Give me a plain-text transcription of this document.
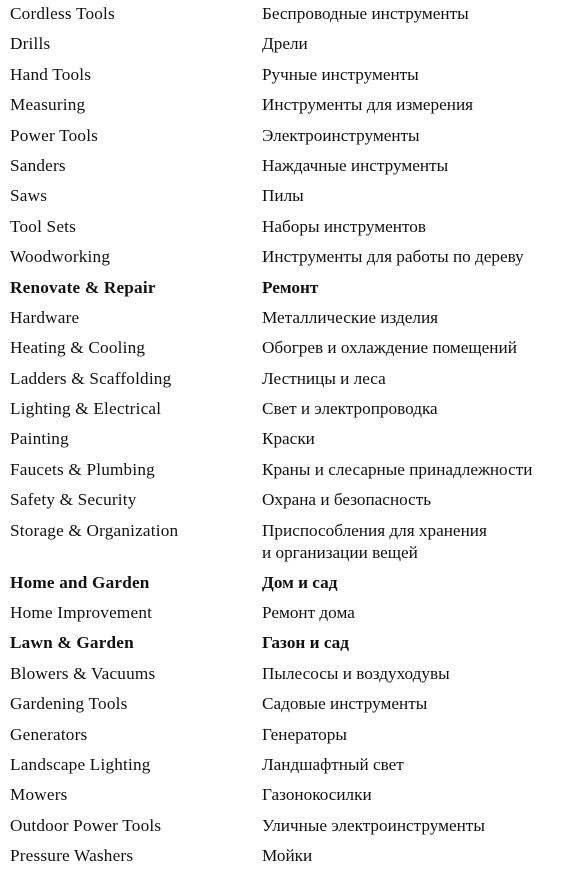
Cordless Tools	Беспроводные инструменты
Drills	Дрели
Hand Tools	Ручные инструменты
Measuring	Инструменты для измерения
Power Tools	Электроинструменты
Sanders	Наждачные инструменты
Saws	Пилы
Tool Sets	Наборы инструментов
Woodworking	Инструменты для работы по дереву
Renovate & Repair	Ремонт
Hardware	Металлические изделия
Heating & Cooling	Обогрев и охлаждение помещений
Ladders & Scaffolding	Лестницы и леса
Lighting & Electrical	Свет и электропроводка
Painting	Краски
Faucets & Plumbing	Краны и слесарные принадлежности
Safety & Security	Охрана и безопасность
Storage & Organization	Приспособления для хранения
и организации вещей
Home and Garden	Дом и сад
Home Improvement	Ремонт дома
Lawn & Garden	Газон и сад
Blowers & Vacuums	Пылесосы и воздуходувы
Gardening Tools	Садовые инструменты
Generators	Генераторы
Landscape Lighting	Ландшафтный свет
Mowers	Газонокосилки
Outdoor Power Tools	Уличные электроинструменты
Pressure Washers	Мойки
